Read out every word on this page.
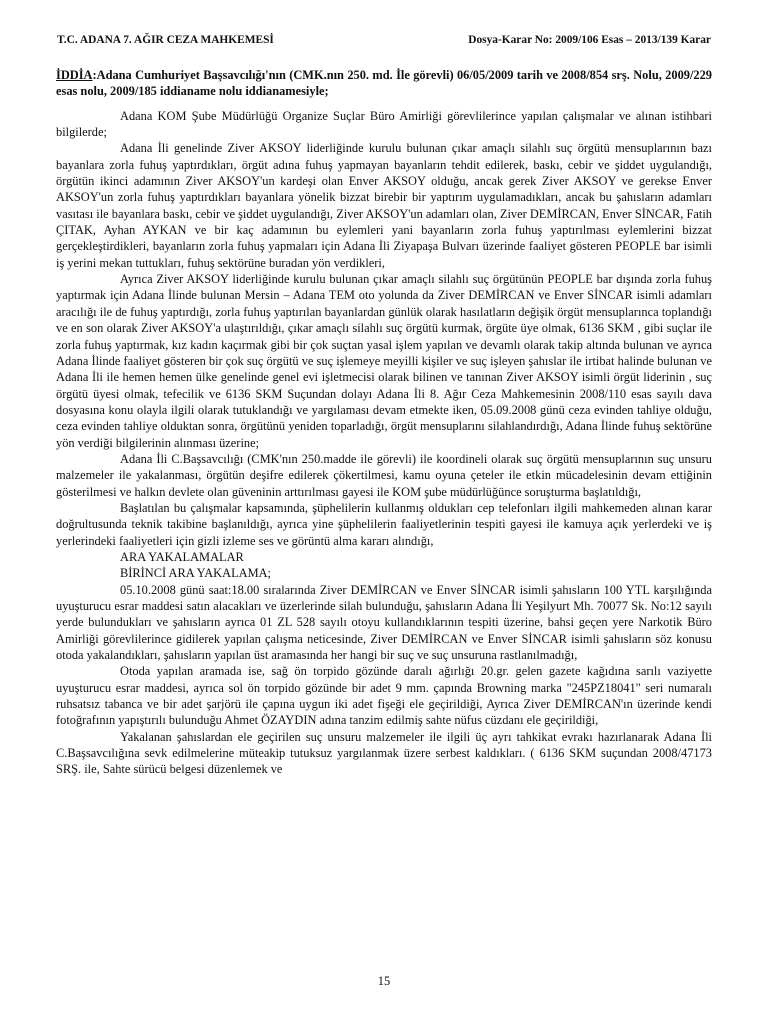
T.C. ADANA 7. AĞIR CEZA MAHKEMESİ	Dosya-Karar No: 2009/106 Esas – 2013/139 Karar

İDDİA:Adana Cumhuriyet Başsavcılığı'nın (CMK.nın 250. md. İle görevli) 06/05/2009 tarih ve 2008/854 srş. Nolu, 2009/229 esas nolu, 2009/185 iddianame nolu iddianamesiyle;

Adana KOM Şube Müdürlüğü Organize Suçlar Büro Amirliği görevlilerince yapılan çalışmalar ve alınan istihbari bilgilerde;

Adana İli genelinde Ziver AKSOY liderliğinde kurulu bulunan çıkar amaçlı silahlı suç örgütü mensuplarının bazı bayanlara zorla fuhuş yaptırdıkları, örgüt adına fuhuş yapmayan bayanların tehdit edilerek, baskı, cebir ve şiddet uygulandığı, örgütün ikinci adamının Ziver AKSOY'un kardeşi olan Enver AKSOY olduğu, ancak gerek Ziver AKSOY ve gerekse Enver AKSOY'un zorla fuhuş yaptırdıkları bayanlara yönelik bizzat birebir bir yaptırım uygulamadıkları, ancak bu şahısların adamları vasıtası ile bayanlara baskı, cebir ve şiddet uygulandığı, Ziver AKSOY'un adamları olan, Ziver DEMİRCAN, Enver SİNCAR, Fatih ÇITAK, Ayhan AYKAN ve bir kaç adamının bu eylemleri yani bayanların zorla fuhuş yaptırılması eylemlerini bizzat gerçekleştirdikleri, bayanların zorla fuhuş yapmaları için Adana İli Ziyapaşa Bulvarı üzerinde faaliyet gösteren PEOPLE bar isimli iş yerini mekan tuttukları, fuhuş sektörüne buradan yön verdikleri,

Ayrıca Ziver AKSOY liderliğinde kurulu bulunan çıkar amaçlı silahlı suç örgütünün PEOPLE bar dışında zorla fuhuş yaptırmak için Adana İlinde bulunan Mersin – Adana TEM oto yolunda da Ziver DEMİRCAN ve Enver SİNCAR isimli adamları aracılığı ile de fuhuş yaptırdığı, zorla fuhuş yaptırılan bayanlardan günlük olarak hasılatların değişik örgüt mensuplarınca toplandığı ve en son olarak Ziver AKSOY'a ulaştırıldığı, çıkar amaçlı silahlı suç örgütü kurmak, örgüte üye olmak, 6136 SKM , gibi suçlar ile zorla fuhuş yaptırmak, kız kadın kaçırmak gibi bir çok suçtan yasal işlem yapılan ve devamlı olarak takip altında bulunan ve ayrıca Adana İlinde faaliyet gösteren bir çok suç örgütü ve suç işlemeye meyilli kişiler ve suç işleyen şahıslar ile irtibat halinde bulunan ve Adana İli ile hemen hemen ülke genelinde genel evi işletmecisi olarak bilinen ve tanınan Ziver AKSOY isimli örgüt liderinin , suç örgütü üyesi olmak, tefecilik ve 6136 SKM Suçundan dolayı Adana İli 8. Ağır Ceza Mahkemesinin 2008/110 esas sayılı dava dosyasına konu olayla ilgili olarak tutuklandığı ve yargılaması devam etmekte iken, 05.09.2008 günü ceza evinden tahliye olduğu, ceza evinden tahliye olduktan sonra, örgütünü yeniden toparladığı, örgüt mensuplarını silahlandırdığı, Adana İlinde fuhuş sektörüne yön verdiği bilgilerinin alınması üzerine;

Adana İli C.Başsavcılığı (CMK'nın 250.madde ile görevli) ile koordineli olarak suç örgütü mensuplarının suç unsuru malzemeler ile yakalanması, örgütün deşifre edilerek çökertilmesi, kamu oyuna çeteler ile etkin mücadelesinin devam ettiğinin gösterilmesi ve halkın devlete olan güveninin arttırılması gayesi ile KOM şube müdürlüğünce soruşturma başlatıldığı,

Başlatılan bu çalışmalar kapsamında, şüphelilerin kullanmış oldukları cep telefonları ilgili mahkemeden alınan karar doğrultusunda teknik takibine başlanıldığı, ayrıca yine şüphelilerin faaliyetlerinin tespiti gayesi ile kamuya açık yerlerdeki ve iş yerlerindeki faaliyetleri için gizli izleme ses ve görüntü alma kararı alındığı,

ARA YAKALAMALAR

BİRİNCİ ARA YAKALAMA;

05.10.2008 günü saat:18.00 sıralarında Ziver DEMİRCAN ve Enver SİNCAR isimli şahısların 100 YTL karşılığında uyuşturucu esrar maddesi satın alacakları ve üzerlerinde silah bulunduğu, şahısların Adana İli Yeşilyurt Mh. 70077 Sk. No:12 sayılı yerde bulundukları ve şahısların ayrıca 01 ZL 528 sayılı otoyu kullandıklarının tespiti üzerine, bahsi geçen yere Narkotik Büro Amirliği görevlilerince gidilerek yapılan çalışma neticesinde, Ziver DEMİRCAN ve Enver SİNCAR isimli şahısların söz konusu otoda yakalandıkları, şahısların yapılan üst aramasında her hangi bir suç ve suç unsuruna rastlanılmadığı,

Otoda yapılan aramada ise, sağ ön torpido gözünde daralı ağırlığı 20.gr. gelen gazete kağıdına sarılı vaziyette uyuşturucu esrar maddesi, ayrıca sol ön torpido gözünde bir adet 9 mm. çapında Browning marka "245PZ18041" seri numaralı ruhsatsız tabanca ve bir adet şarjörü ile çapına uygun iki adet fişeği ele geçirildiği, Ayrıca Ziver DEMİRCAN'ın üzerinde kendi fotoğrafının yapıştırılı bulunduğu Ahmet ÖZAYDIN adına tanzim edilmiş sahte nüfus cüzdanı ele geçirildiği,

Yakalanan şahıslardan ele geçirilen suç unsuru malzemeler ile ilgili üç ayrı tahkikat evrakı hazırlanarak Adana İli C.Başsavcılığına sevk edilmelerine müteakip tutuksuz yargılanmak üzere serbest kaldıkları. ( 6136 SKM suçundan 2008/47173 SRŞ. ile, Sahte sürücü belgesi düzenlemek ve

15
